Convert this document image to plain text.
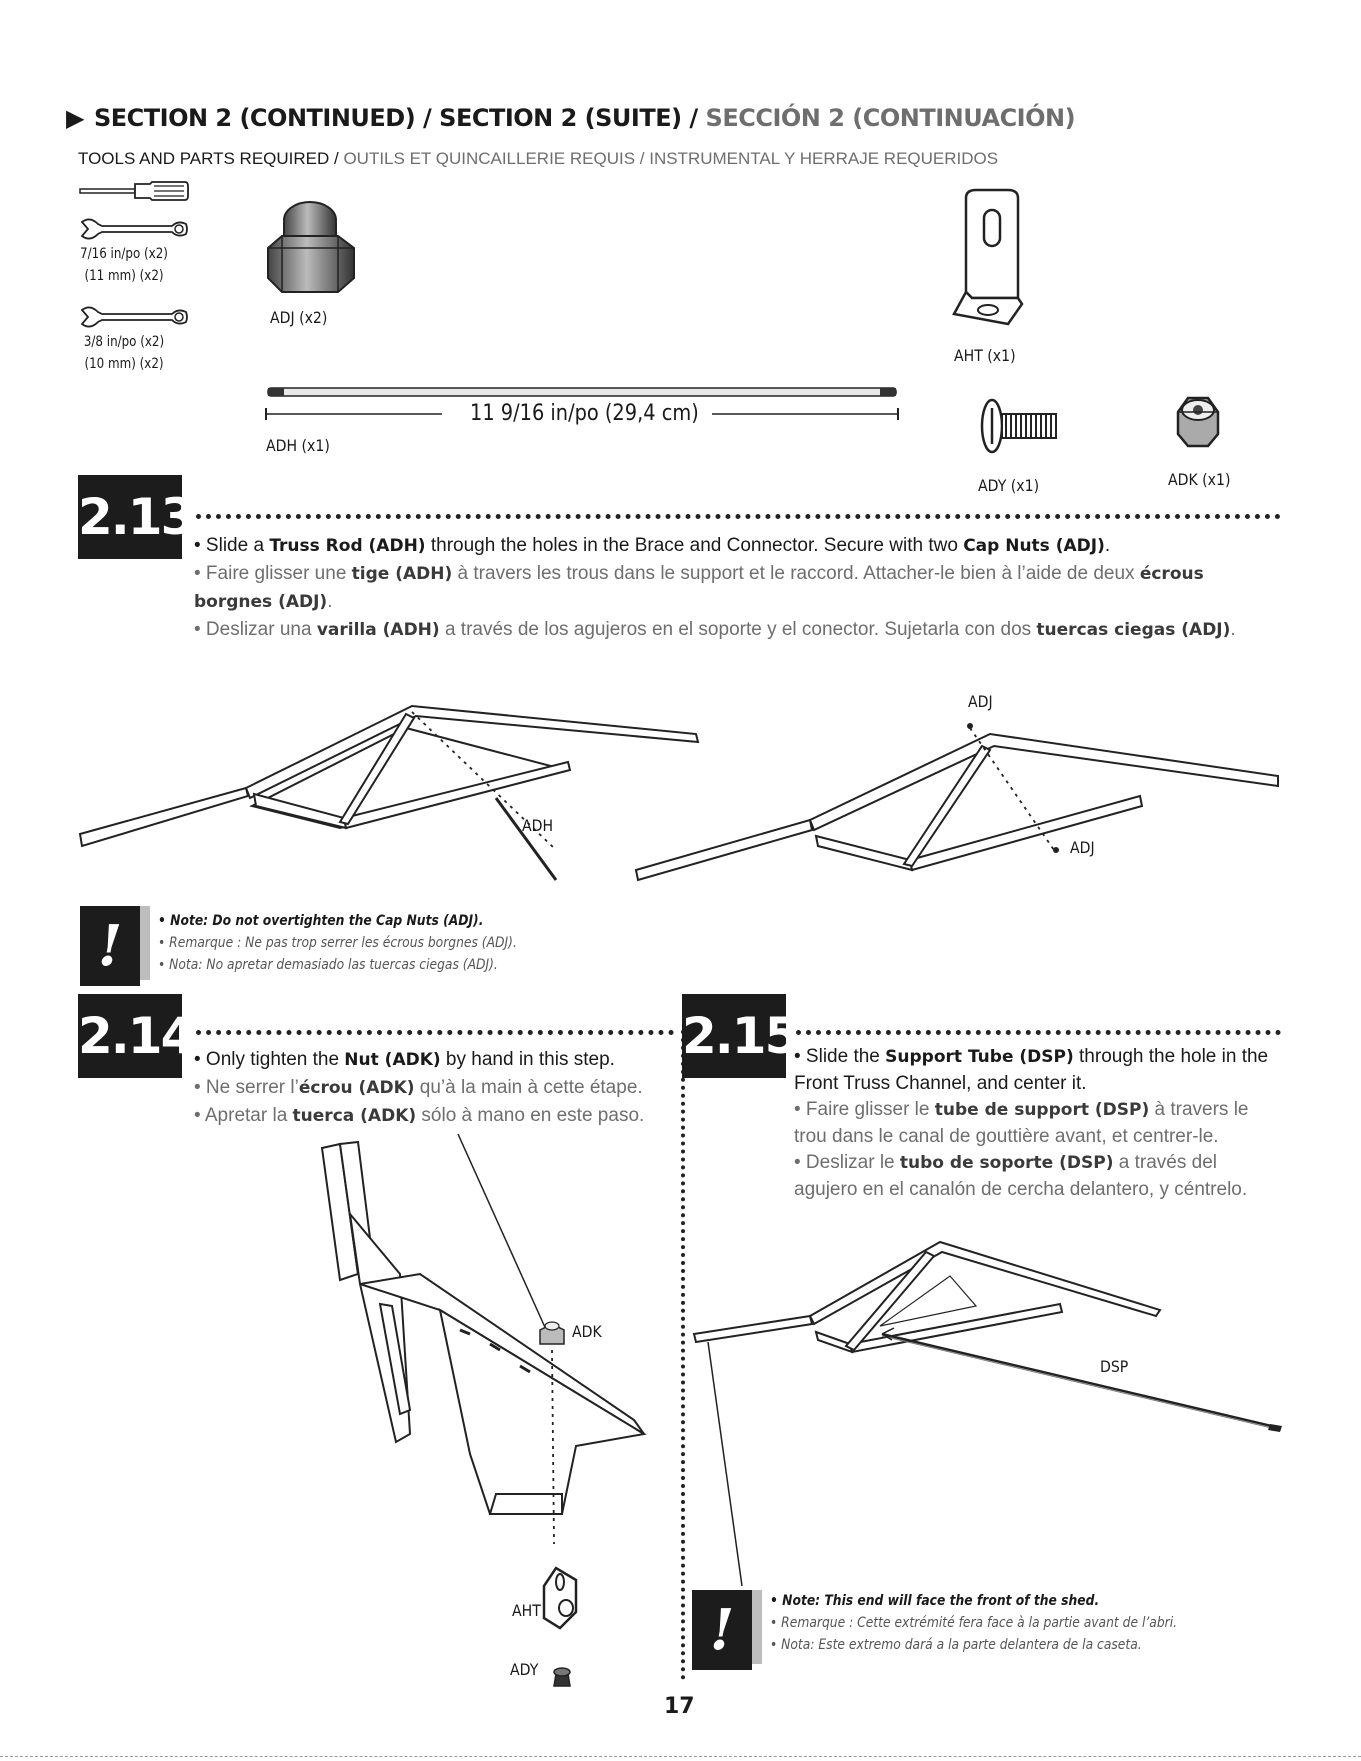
▶ SECTION 2 (CONTINUED) / SECTION 2 (SUITE) / SECCIÓN 2 (CONTINUACIÓN)
TOOLS AND PARTS REQUIRED / OUTILS ET QUINCAILLERIE REQUIS / INSTRUMENTAL Y HERRAJE REQUERIDOS
7/16 in/po (x2)
(11 mm) (x2)
3/8 in/po (x2)
(10 mm) (x2)
ADJ (x2)
AHT (x1)
11 9/16 in/po (29,4 cm)
ADH (x1)
ADY (x1)	ADK (x1)
2.13 • Slide a Truss Rod (ADH) through the holes in the Brace and Connector. Secure with two Cap Nuts (ADJ).

• Faire glisser une tige (ADH) à travers les trous dans le support et le raccord. Attacher-le bien à l’aide de deux écrous borgnes (ADJ).

• Deslizar una varilla (ADH) a través de los agujeros en el soporte y el conector. Sujetarla con dos tuercas ciegas (ADJ).

ADH
ADJ
ADJ
!	• Note: Do not overtighten the Cap Nuts (ADJ).
• Remarque : Ne pas trop serrer les écrous borgnes (ADJ).
• Nota: No apretar demasiado las tuercas ciegas (ADJ).
2.14 • Only tighten the Nut (ADK) by hand in this step.

• Ne serrer l’écrou (ADK) qu’à la main à cette étape.

• Apretar la tuerca (ADK) sólo à mano en este paso.

ADK
AHT
ADY
2.15

• Slide the Support Tube (DSP) through the hole in the Front Truss Channel, and center it.

• Faire glisser le tube de support (DSP) à travers le trou dans le canal de gouttière avant, et centrer-le.

• Deslizar le tubo de soporte (DSP) a través del agujero en el canalón de cercha delantero, y céntrelo.

DSP
!	• Note: This end will face the front of the shed.
• Remarque : Cette extrémité fera face à la partie avant de l’abri.
• Nota: Este extremo dará a la parte delantera de la caseta.
17
